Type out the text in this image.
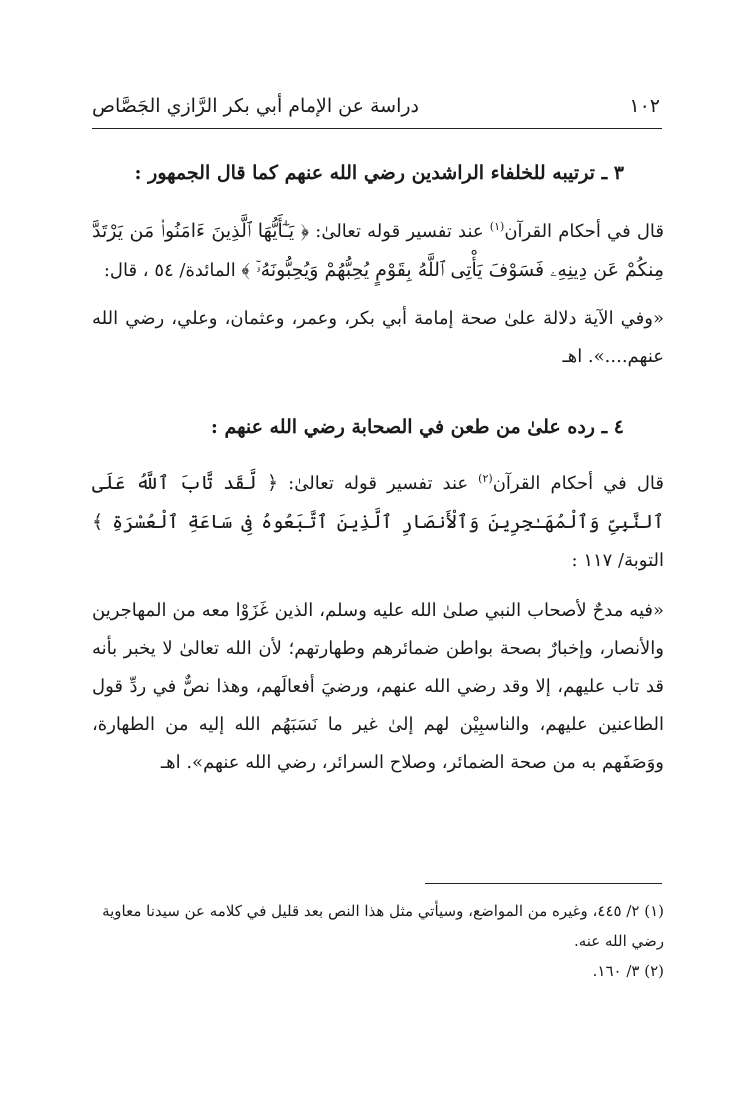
١٠٢
دراسة عن الإمام أبي بكر الرَّازي الجَصَّاص
٣ ـ ترتيبه للخلفاء الراشدين رضي الله عنهم كما قال الجمهور :

قال في أحكام القرآن$^{(١)}$ عند تفسير قوله تعالىٰ: ﴿ يَـٰٓأَيُّهَا ٱلَّذِينَ ءَامَنُوا۟ مَن يَرْتَدَّ مِنكُمْ عَن دِينِهِۦ فَسَوْفَ يَأْتِى ٱللَّهُ بِقَوْمٍ يُحِبُّهُمْ وَيُحِبُّونَهُۥٓ ﴾ المائدة/ ٥٤ ، قال:

«وفي الآية دلالة علىٰ صحة إمامة أبي بكر، وعمر، وعثمان، وعلي، رضي الله عنهم....». اهـ

٤ ـ رده علىٰ من طعن في الصحابة رضي الله عنهم :

قال في أحكام القرآن$^{(٢)}$ عند تفسير قوله تعالىٰ: ﴿ لَّقَد تَّابَ ٱللَّهُ عَلَى ٱلنَّبِىِّ وَٱلْمُهَـٰجِرِينَ وَٱلْأَنصَارِ ٱلَّذِينَ ٱتَّبَعُوهُ فِى سَاعَةِ ٱلْعُسْرَةِ ﴾ التوبة/ ١١٧ :

«فيه مدحٌ لأصحاب النبي صلىٰ الله عليه وسلم، الذين غَزَوْا معه من المهاجرين والأنصار، وإخبارٌ بصحة بواطن ضمائرهم وطهارتهم؛ لأن الله تعالىٰ لا يخبر بأنه قد تاب عليهم، إلا وقد رضي الله عنهم، ورضيَ أفعالَهم، وهذا نصٌّ في ردِّ قول الطاعنين عليهم، والناسبِيْن لهم إلىٰ غير ما نَسَبَهُم الله إليه من الطهارة، ووَصَفَهم به من صحة الضمائر، وصلاح السرائر، رضي الله عنهم». اهـ

(١) ٢/ ٤٤٥، وغيره من المواضع، وسيأتي مثل هذا النص بعد قليل في كلامه عن سيدنا معاوية رضي الله عنه.
(٢) ٣/ ١٦٠.
